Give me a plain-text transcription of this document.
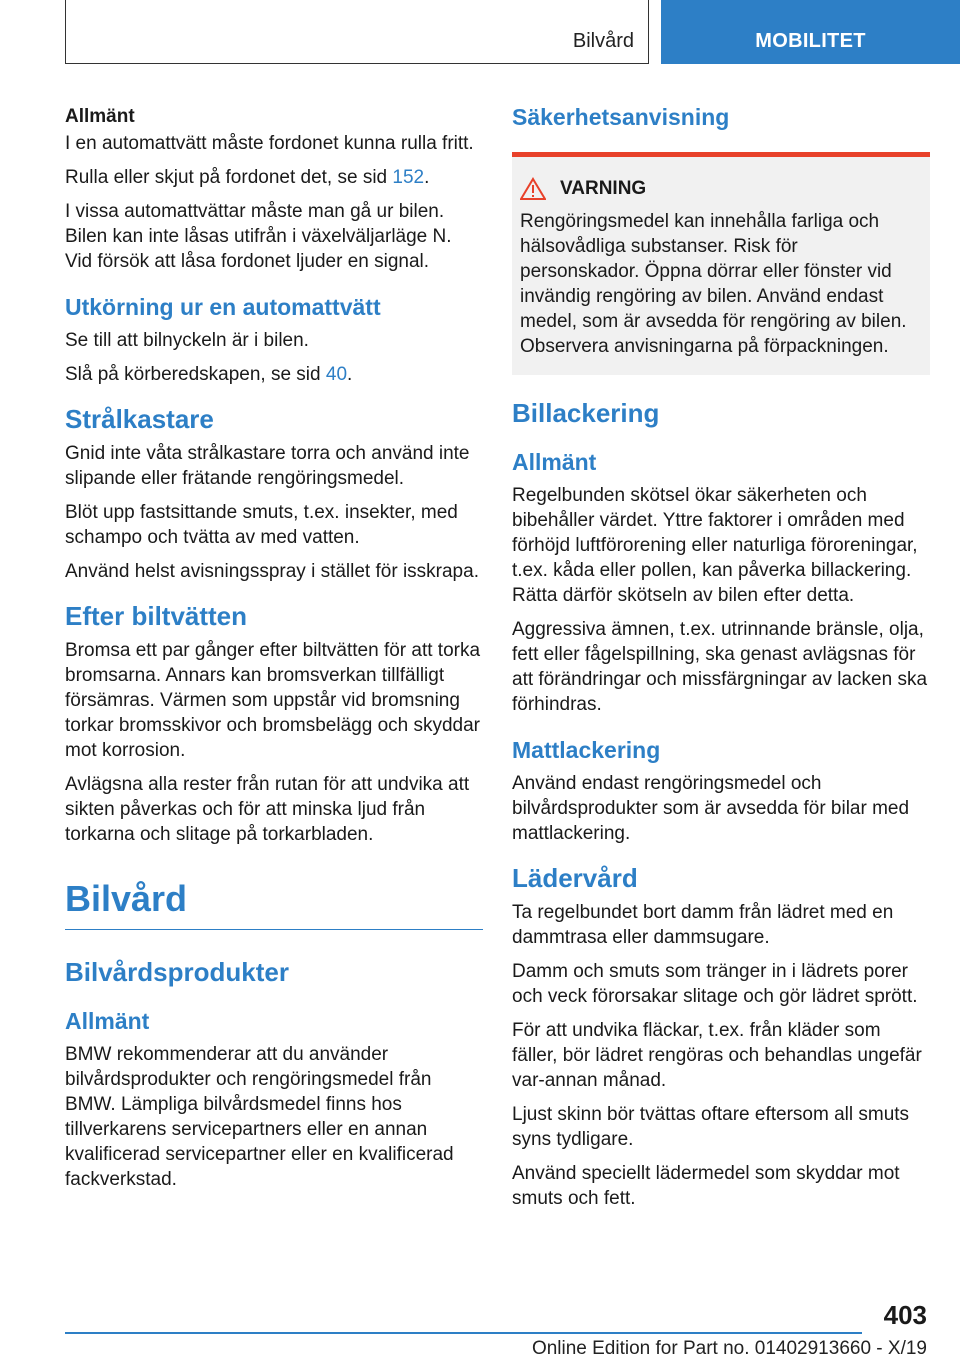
Bilvård	MOBILITET
Allmänt

I en automattvätt måste fordonet kunna rulla fritt.

Rulla eller skjut på fordonet det, se sid 152.

I vissa automattvättar måste man gå ur bilen. Bilen kan inte låsas utifrån i växelväljarläge N. Vid försök att låsa fordonet ljuder en signal.

Utkörning ur en automattvätt

Se till att bilnyckeln är i bilen.

Slå på körberedskapen, se sid 40.

Strålkastare

Gnid inte våta strålkastare torra och använd inte slipande eller frätande rengöringsmedel.

Blöt upp fastsittande smuts, t.ex. insekter, med schampo och tvätta av med vatten.

Använd helst avisningsspray i stället för isskrapa.

Efter biltvätten

Bromsa ett par gånger efter biltvätten för att torka bromsarna. Annars kan bromsverkan tillfälligt försämras. Värmen som uppstår vid bromsning torkar bromsskivor och bromsbelägg och skyddar mot korrosion.

Avlägsna alla rester från rutan för att undvika att sikten påverkas och för att minska ljud från torkarna och slitage på torkarbladen.

Bilvård
Bilvårdsprodukter
Allmänt

BMW rekommenderar att du använder bilvårdsprodukter och rengöringsmedel från BMW. Lämpliga bilvårdsmedel finns hos tillverkarens servicepartners eller en annan kvalificerad servicepartner eller en kvalificerad fackverkstad.

Säkerhetsanvisning
VARNING

Rengöringsmedel kan innehålla farliga och hälsovådliga substanser. Risk för personskador. Öppna dörrar eller fönster vid invändig rengöring av bilen. Använd endast medel, som är avsedda för rengöring av bilen. Observera anvisningarna på förpackningen.

Billackering
Allmänt

Regelbunden skötsel ökar säkerheten och bibehåller värdet. Yttre faktorer i områden med förhöjd luftförorening eller naturliga föroreningar, t.ex. kåda eller pollen, kan påverka billackering. Rätta därför skötseln av bilen efter detta.

Aggressiva ämnen, t.ex. utrinnande bränsle, olja, fett eller fågelspillning, ska genast avlägsnas för att förändringar och missfärgningar av lacken ska förhindras.

Mattlackering

Använd endast rengöringsmedel och bilvårdsprodukter som är avsedda för bilar med mattlackering.

Lädervård

Ta regelbundet bort damm från lädret med en dammtrasa eller dammsugare.

Damm och smuts som tränger in i lädrets porer och veck förorsakar slitage och gör lädret sprött.

För att undvika fläckar, t.ex. från kläder som fäller, bör lädret rengöras och behandlas ungefär var-annan månad.

Ljust skinn bör tvättas oftare eftersom all smuts syns tydligare.

Använd speciellt lädermedel som skyddar mot smuts och fett.

403
Online Edition for Part no. 01402913660 - X/19
